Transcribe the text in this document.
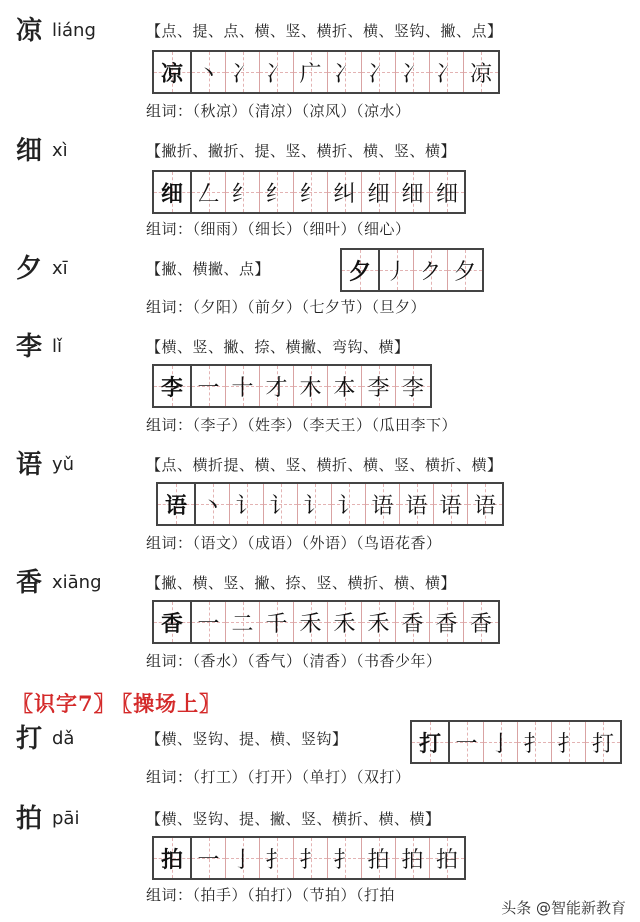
凉 liáng	【点、提、点、横、竖、横折、横、竖钩、撇、点】
凉 丶 冫 冫 广 冫 冫 冫 冫 凉
组词：（秋凉）（清凉）（凉风）（凉水）
细 xì	【撇折、撇折、提、竖、横折、横、竖、横】
细 𠃋 纟 纟 纟 纠 细 细 细
组词：（细雨）（细长）（细叶）（细心）
夕 xī	【撇、横撇、点】	夕 丿 ク 夕
组词：（夕阳）（前夕）（七夕节）（旦夕）
李 lǐ	【横、竖、撇、捺、横撇、弯钩、横】
李 一 十 才 木 本 李 李
组词：（李子）（姓李）（李天王）（瓜田李下）
语 yǔ	【点、横折提、横、竖、横折、横、竖、横折、横】
语 丶 讠 讠 讠 讠 语 语 语 语
组词：（语文）（成语）（外语）（鸟语花香）
香 xiāng	【撇、横、竖、撇、捺、竖、横折、横、横】
香 一 二 千 禾 禾 禾 香 香 香
组词：（香水）（香气）（清香）（书香少年）
〖识字7〗 〖操场上〗
打 dǎ	【横、竖钩、提、横、竖钩】	打 一 亅 扌 扌 打
组词：（打工）（打开）（单打）（双打）
拍 pāi	【横、竖钩、提、撇、竖、横折、横、横】
拍 一 亅 扌 扌 扌 拍 拍 拍
组词：（拍手）（拍打）（节拍）（打拍
头条 @智能新教育
